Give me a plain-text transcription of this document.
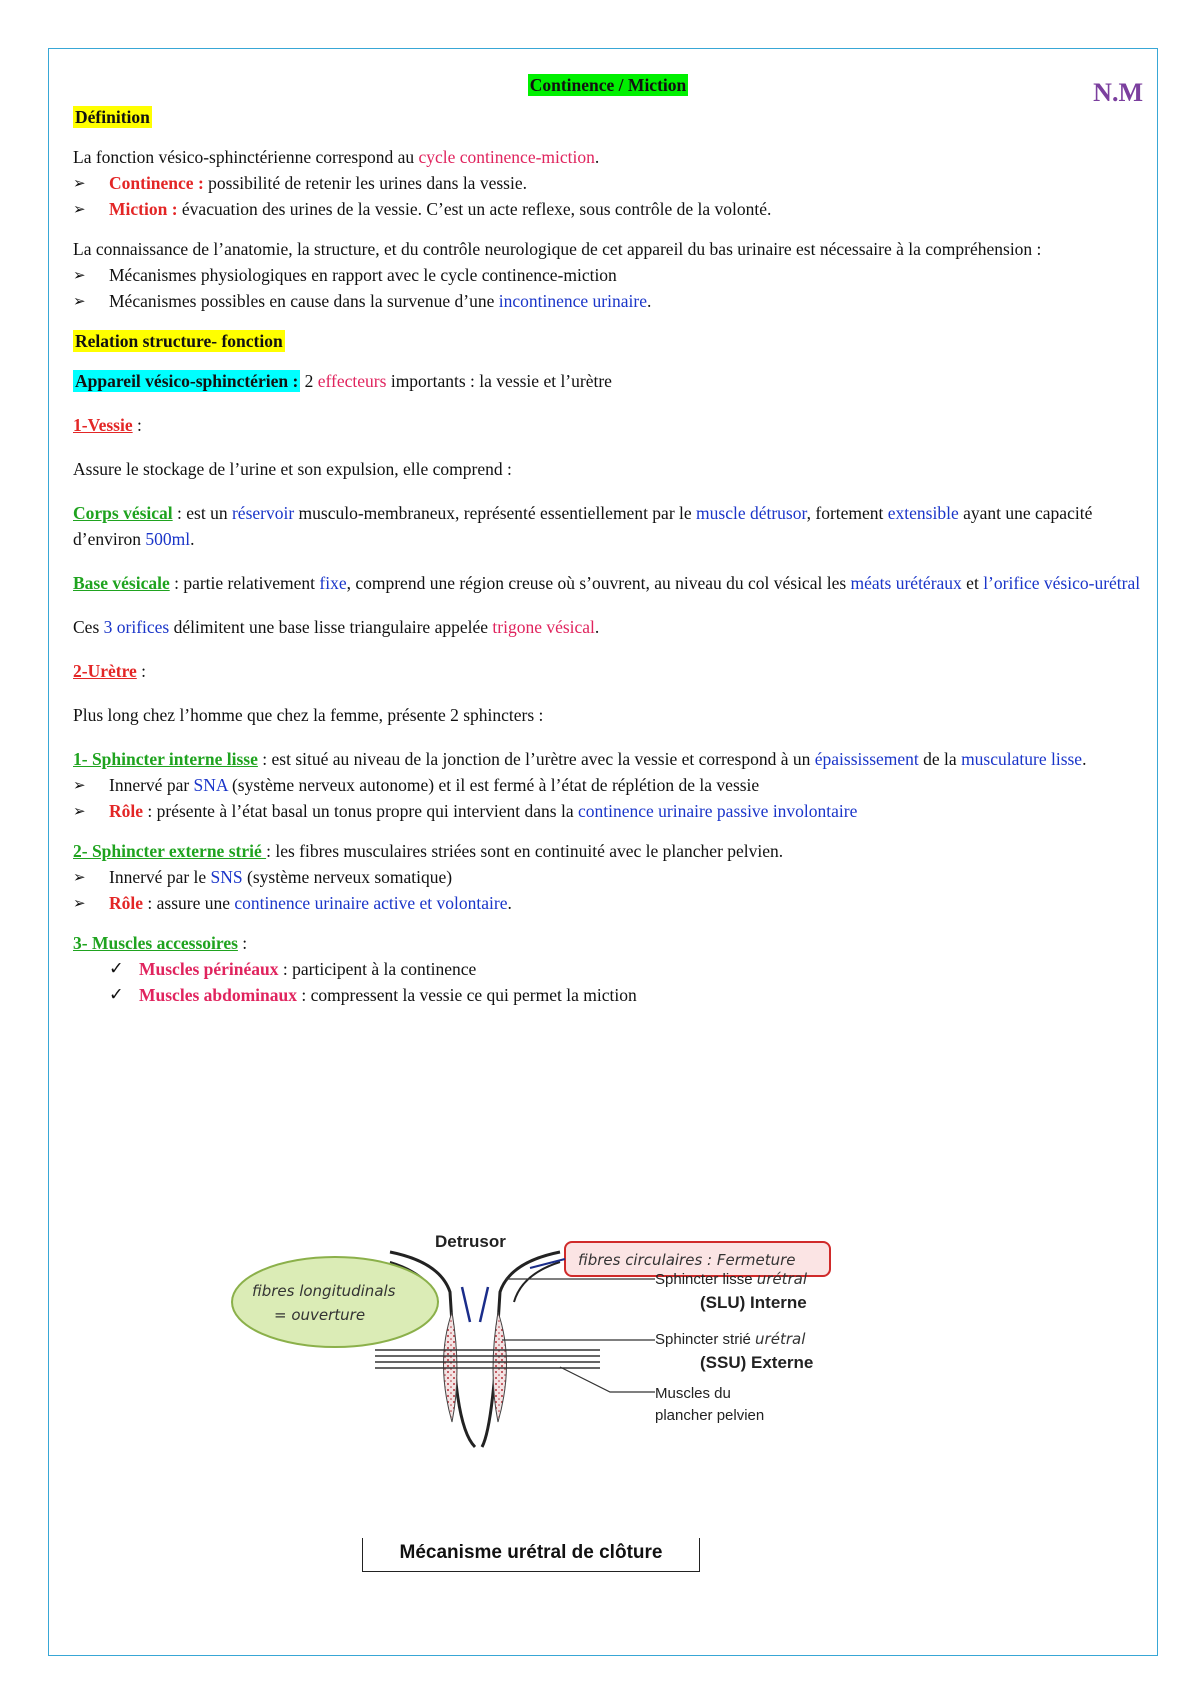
N.M

Continence / Miction

Définition

La fonction vésico-sphinctérienne correspond au cycle continence-miction.

➢ Continence : possibilité de retenir les urines dans la vessie.
➢ Miction : évacuation des urines de la vessie. C’est un acte reflexe, sous contrôle de la volonté.

La connaissance de l’anatomie, la structure, et du contrôle neurologique de cet appareil du bas urinaire est nécessaire à la compréhension :

➢ Mécanismes physiologiques en rapport avec le cycle continence-miction
➢ Mécanismes possibles en cause dans la survenue d’une incontinence urinaire.

Relation structure- fonction

Appareil vésico-sphinctérien : 2 effecteurs importants : la vessie et l’urètre

1-Vessie :

Assure le stockage de l’urine et son expulsion, elle comprend :

Corps vésical : est un réservoir musculo-membraneux, représenté essentiellement par le muscle détrusor, fortement extensible ayant une capacité d’environ 500ml.

Base vésicale : partie relativement fixe, comprend une région creuse où s’ouvrent, au niveau du col vésical les méats urétéraux et l’orifice vésico-urétral

Ces 3 orifices délimitent une base lisse triangulaire appelée trigone vésical.

2-Urètre :

Plus long chez l’homme que chez la femme, présente 2 sphincters :

1- Sphincter interne lisse : est situé au niveau de la jonction de l’urètre avec la vessie et correspond à un épaississement de la musculature lisse.

➢ Innervé par SNA (système nerveux autonome) et il est fermé à l’état de réplétion de la vessie
➢ Rôle : présente à l’état basal un tonus propre qui intervient dans la continence urinaire passive involontaire

2- Sphincter externe strié : les fibres musculaires striées sont en continuité avec le plancher pelvien.

➢ Innervé par le SNS (système nerveux somatique)
➢ Rôle : assure une continence urinaire active et volontaire.

3- Muscles accessoires :

✓ Muscles périnéaux : participent à la continence
✓ Muscles abdominaux : compressent la vessie ce qui permet la miction
Detrusor
fibres circulaires : Fermeture
fibres longitudinals
= ouverture
Sphincter lisse urétral
(SLU) Interne
Sphincter strié urétral
(SSU) Externe
Muscles du
plancher pelvien
Mécanisme urétral de clôture
